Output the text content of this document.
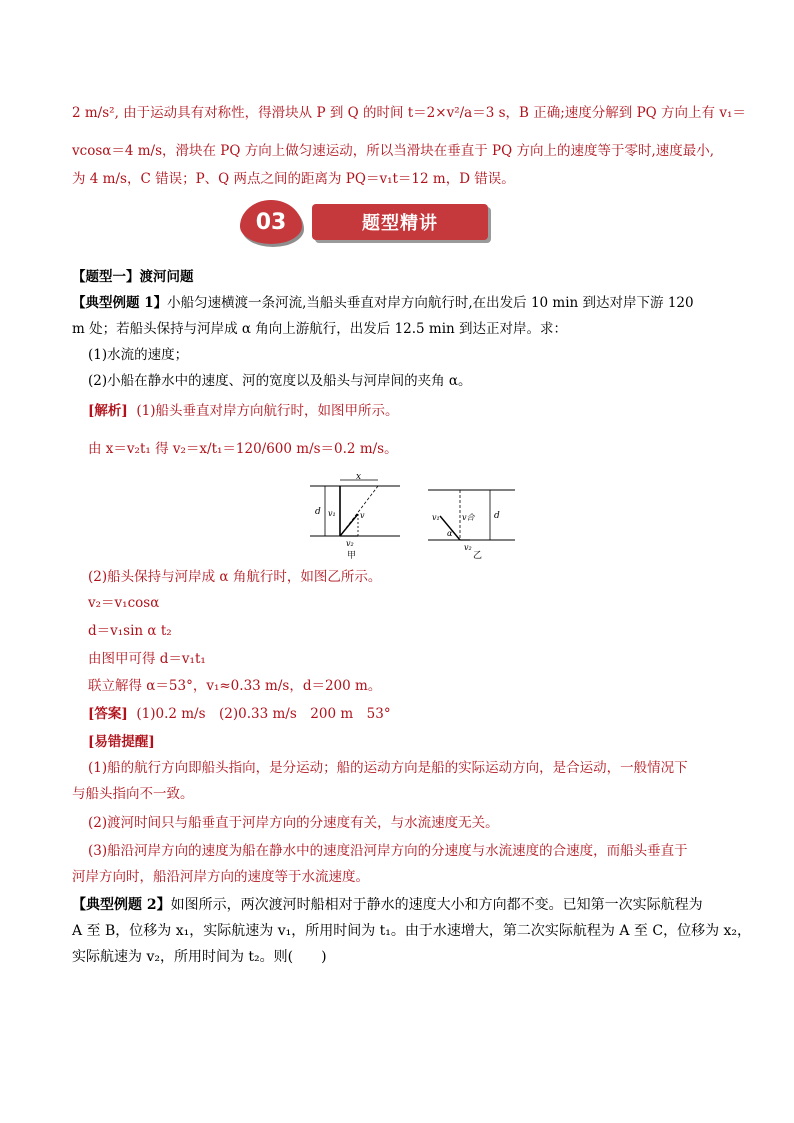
2 m/s², 由于运动具有对称性，得滑块从 P 到 Q 的时间 t＝2×v²/a＝3 s，B 正确;速度分解到 PQ 方向上有 v₁＝
vcosα＝4 m/s，滑块在 PQ 方向上做匀速运动，所以当滑块在垂直于 PQ 方向上的速度等于零时,速度最小,
为 4 m/s，C 错误；P、Q 两点之间的距离为 PQ＝v₁t＝12 m，D 错误。
03	题型精讲
【题型一】渡河问题
【典型例题 1】小船匀速横渡一条河流,当船头垂直对岸方向航行时,在出发后 10 min 到达对岸下游 120
m 处；若船头保持与河岸成 α 角向上游航行，出发后 12.5 min 到达正对岸。求：
(1)水流的速度；
(2)小船在静水中的速度、河的宽度以及船头与河岸间的夹角 α。
[解析] (1)船头垂直对岸方向航行时，如图甲所示。
由 x＝v₂t₁ 得 v₂＝x/t₁＝120/600 m/s＝0.2 m/s。
x
d v₁	v
v₂
甲
v₁	v合 d
α
v₂
乙
(2)船头保持与河岸成 α 角航行时，如图乙所示。
v₂＝v₁cosα
d＝v₁sin α t₂
由图甲可得 d＝v₁t₁
联立解得 α＝53°，v₁≈0.33 m/s，d＝200 m。
[答案] (1)0.2 m/s　(2)0.33 m/s　200 m　53°
[易错提醒]
(1)船的航行方向即船头指向，是分运动；船的运动方向是船的实际运动方向，是合运动，一般情况下
与船头指向不一致。
(2)渡河时间只与船垂直于河岸方向的分速度有关，与水流速度无关。
(3)船沿河岸方向的速度为船在静水中的速度沿河岸方向的分速度与水流速度的合速度，而船头垂直于
河岸方向时，船沿河岸方向的速度等于水流速度。
【典型例题 2】如图所示，两次渡河时船相对于静水的速度大小和方向都不变。已知第一次实际航程为
A 至 B，位移为 x₁，实际航速为 v₁，所用时间为 t₁。由于水速增大，第二次实际航程为 A 至 C，位移为 x₂，
实际航速为 v₂，所用时间为 t₂。则(　　)
